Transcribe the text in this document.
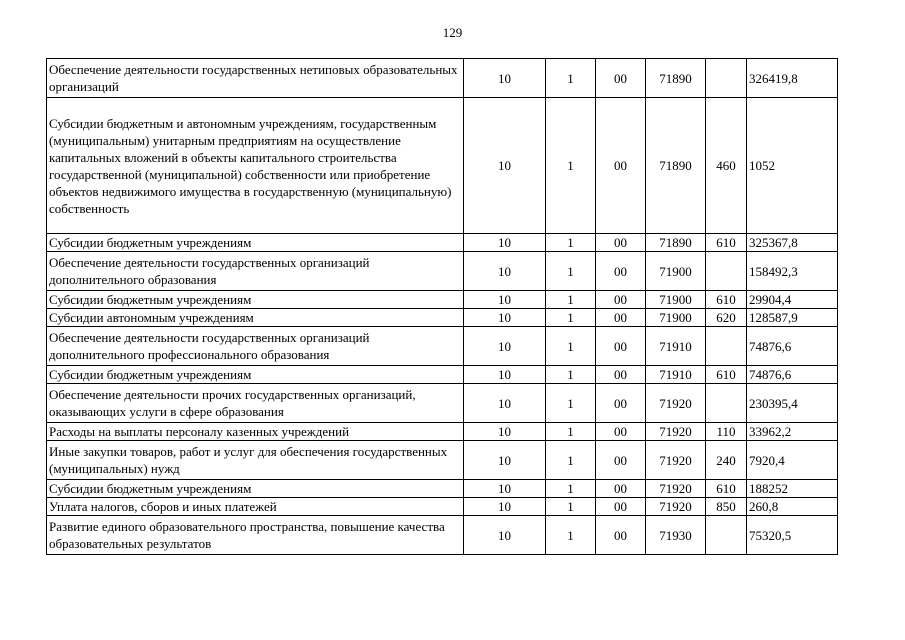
129
Обеспечение деятельности государственных нетиповых образовательных организаций	10	1	00	71890		326419,8
Субсидии бюджетным и автономным учреждениям, государственным (муниципальным) унитарным предприятиям на осуществление капитальных вложений в объекты капитального строительства государственной (муниципальной) собственности или приобретение объектов недвижимого имущества в государственную (муниципальную) собственность	10	1	00	71890	460	1052
Субсидии бюджетным учреждениям	10	1	00	71890	610	325367,8
Обеспечение деятельности государственных организаций дополнительного образования	10	1	00	71900		158492,3
Субсидии бюджетным учреждениям	10	1	00	71900	610	29904,4
Субсидии автономным учреждениям	10	1	00	71900	620	128587,9
Обеспечение деятельности государственных организаций дополнительного профессионального образования	10	1	00	71910		74876,6
Субсидии бюджетным учреждениям	10	1	00	71910	610	74876,6
Обеспечение деятельности прочих государственных организаций, оказывающих услуги в сфере образования	10	1	00	71920		230395,4
Расходы на выплаты персоналу казенных учреждений	10	1	00	71920	110	33962,2
Иные закупки товаров, работ и услуг для обеспечения государственных (муниципальных) нужд	10	1	00	71920	240	7920,4
Субсидии бюджетным учреждениям	10	1	00	71920	610	188252
Уплата налогов, сборов и иных платежей	10	1	00	71920	850	260,8
Развитие единого образовательного пространства, повышение качества образовательных результатов	10	1	00	71930		75320,5
